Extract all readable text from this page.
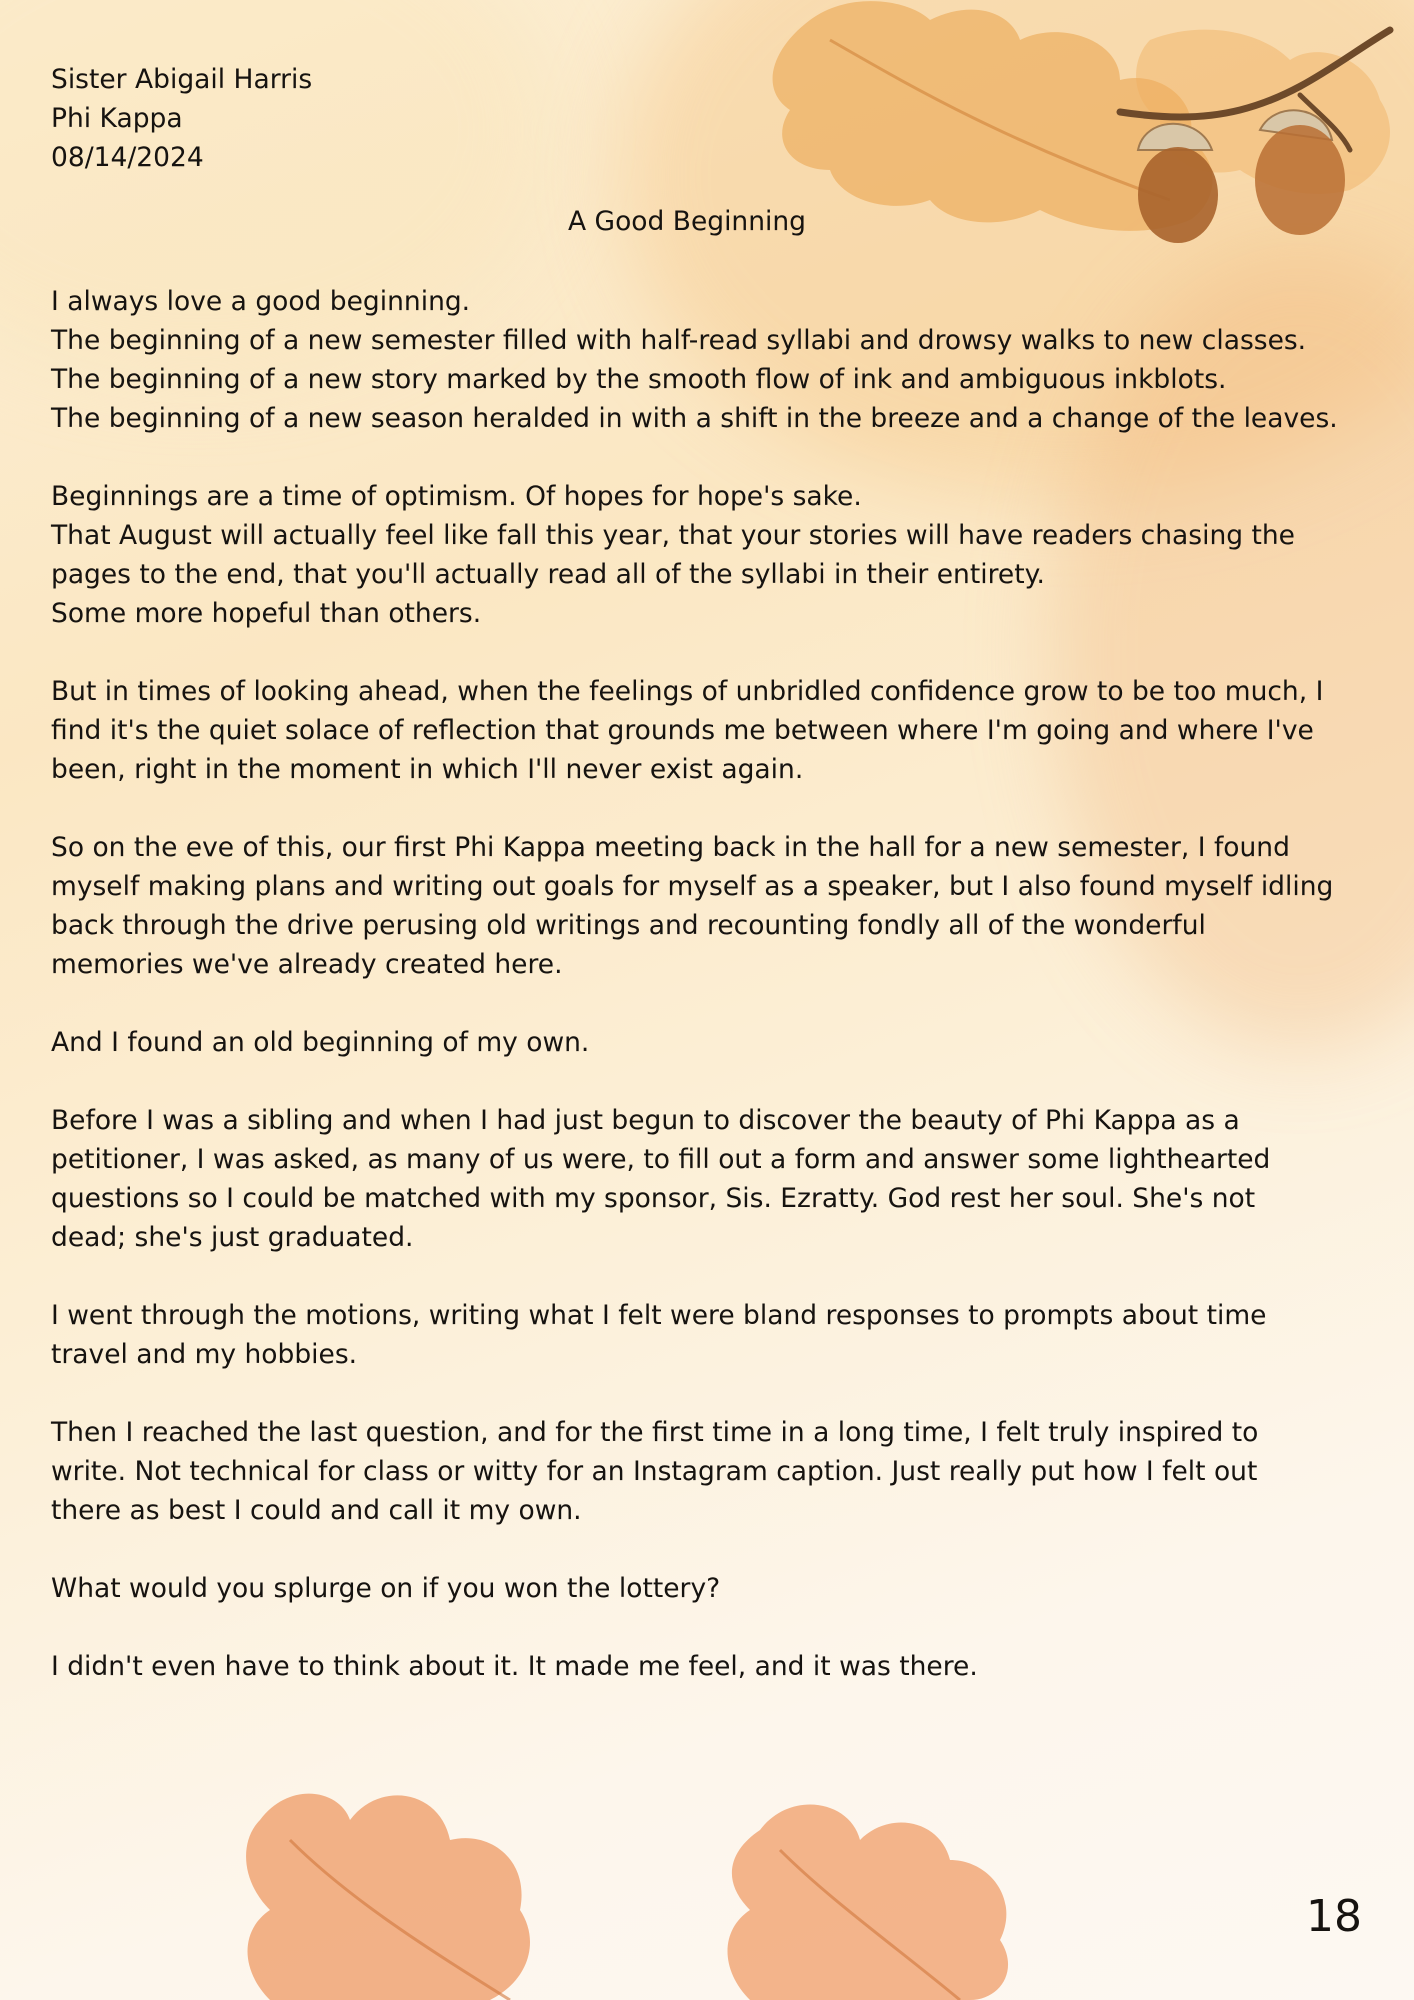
Sister Abigail Harris
Phi Kappa
08/14/2024
A Good Beginning
I always love a good beginning.
The beginning of a new semester filled with half-read syllabi and drowsy walks to new classes.
The beginning of a new story marked by the smooth flow of ink and ambiguous inkblots.
The beginning of a new season heralded in with a shift in the breeze and a change of the leaves.
Beginnings are a time of optimism. Of hopes for hope's sake.
That August will actually feel like fall this year, that your stories will have readers chasing the
pages to the end, that you'll actually read all of the syllabi in their entirety.
Some more hopeful than others.
But in times of looking ahead, when the feelings of unbridled confidence grow to be too much, I
find it's the quiet solace of reflection that grounds me between where I'm going and where I've
been, right in the moment in which I'll never exist again.
So on the eve of this, our first Phi Kappa meeting back in the hall for a new semester, I found
myself making plans and writing out goals for myself as a speaker, but I also found myself idling
back through the drive perusing old writings and recounting fondly all of the wonderful
memories we've already created here.
And I found an old beginning of my own.
Before I was a sibling and when I had just begun to discover the beauty of Phi Kappa as a
petitioner, I was asked, as many of us were, to fill out a form and answer some lighthearted
questions so I could be matched with my sponsor, Sis. Ezratty. God rest her soul. She's not
dead; she's just graduated.
I went through the motions, writing what I felt were bland responses to prompts about time
travel and my hobbies.
Then I reached the last question, and for the first time in a long time, I felt truly inspired to
write. Not technical for class or witty for an Instagram caption. Just really put how I felt out
there as best I could and call it my own.
What would you splurge on if you won the lottery?
I didn't even have to think about it. It made me feel, and it was there.
18
